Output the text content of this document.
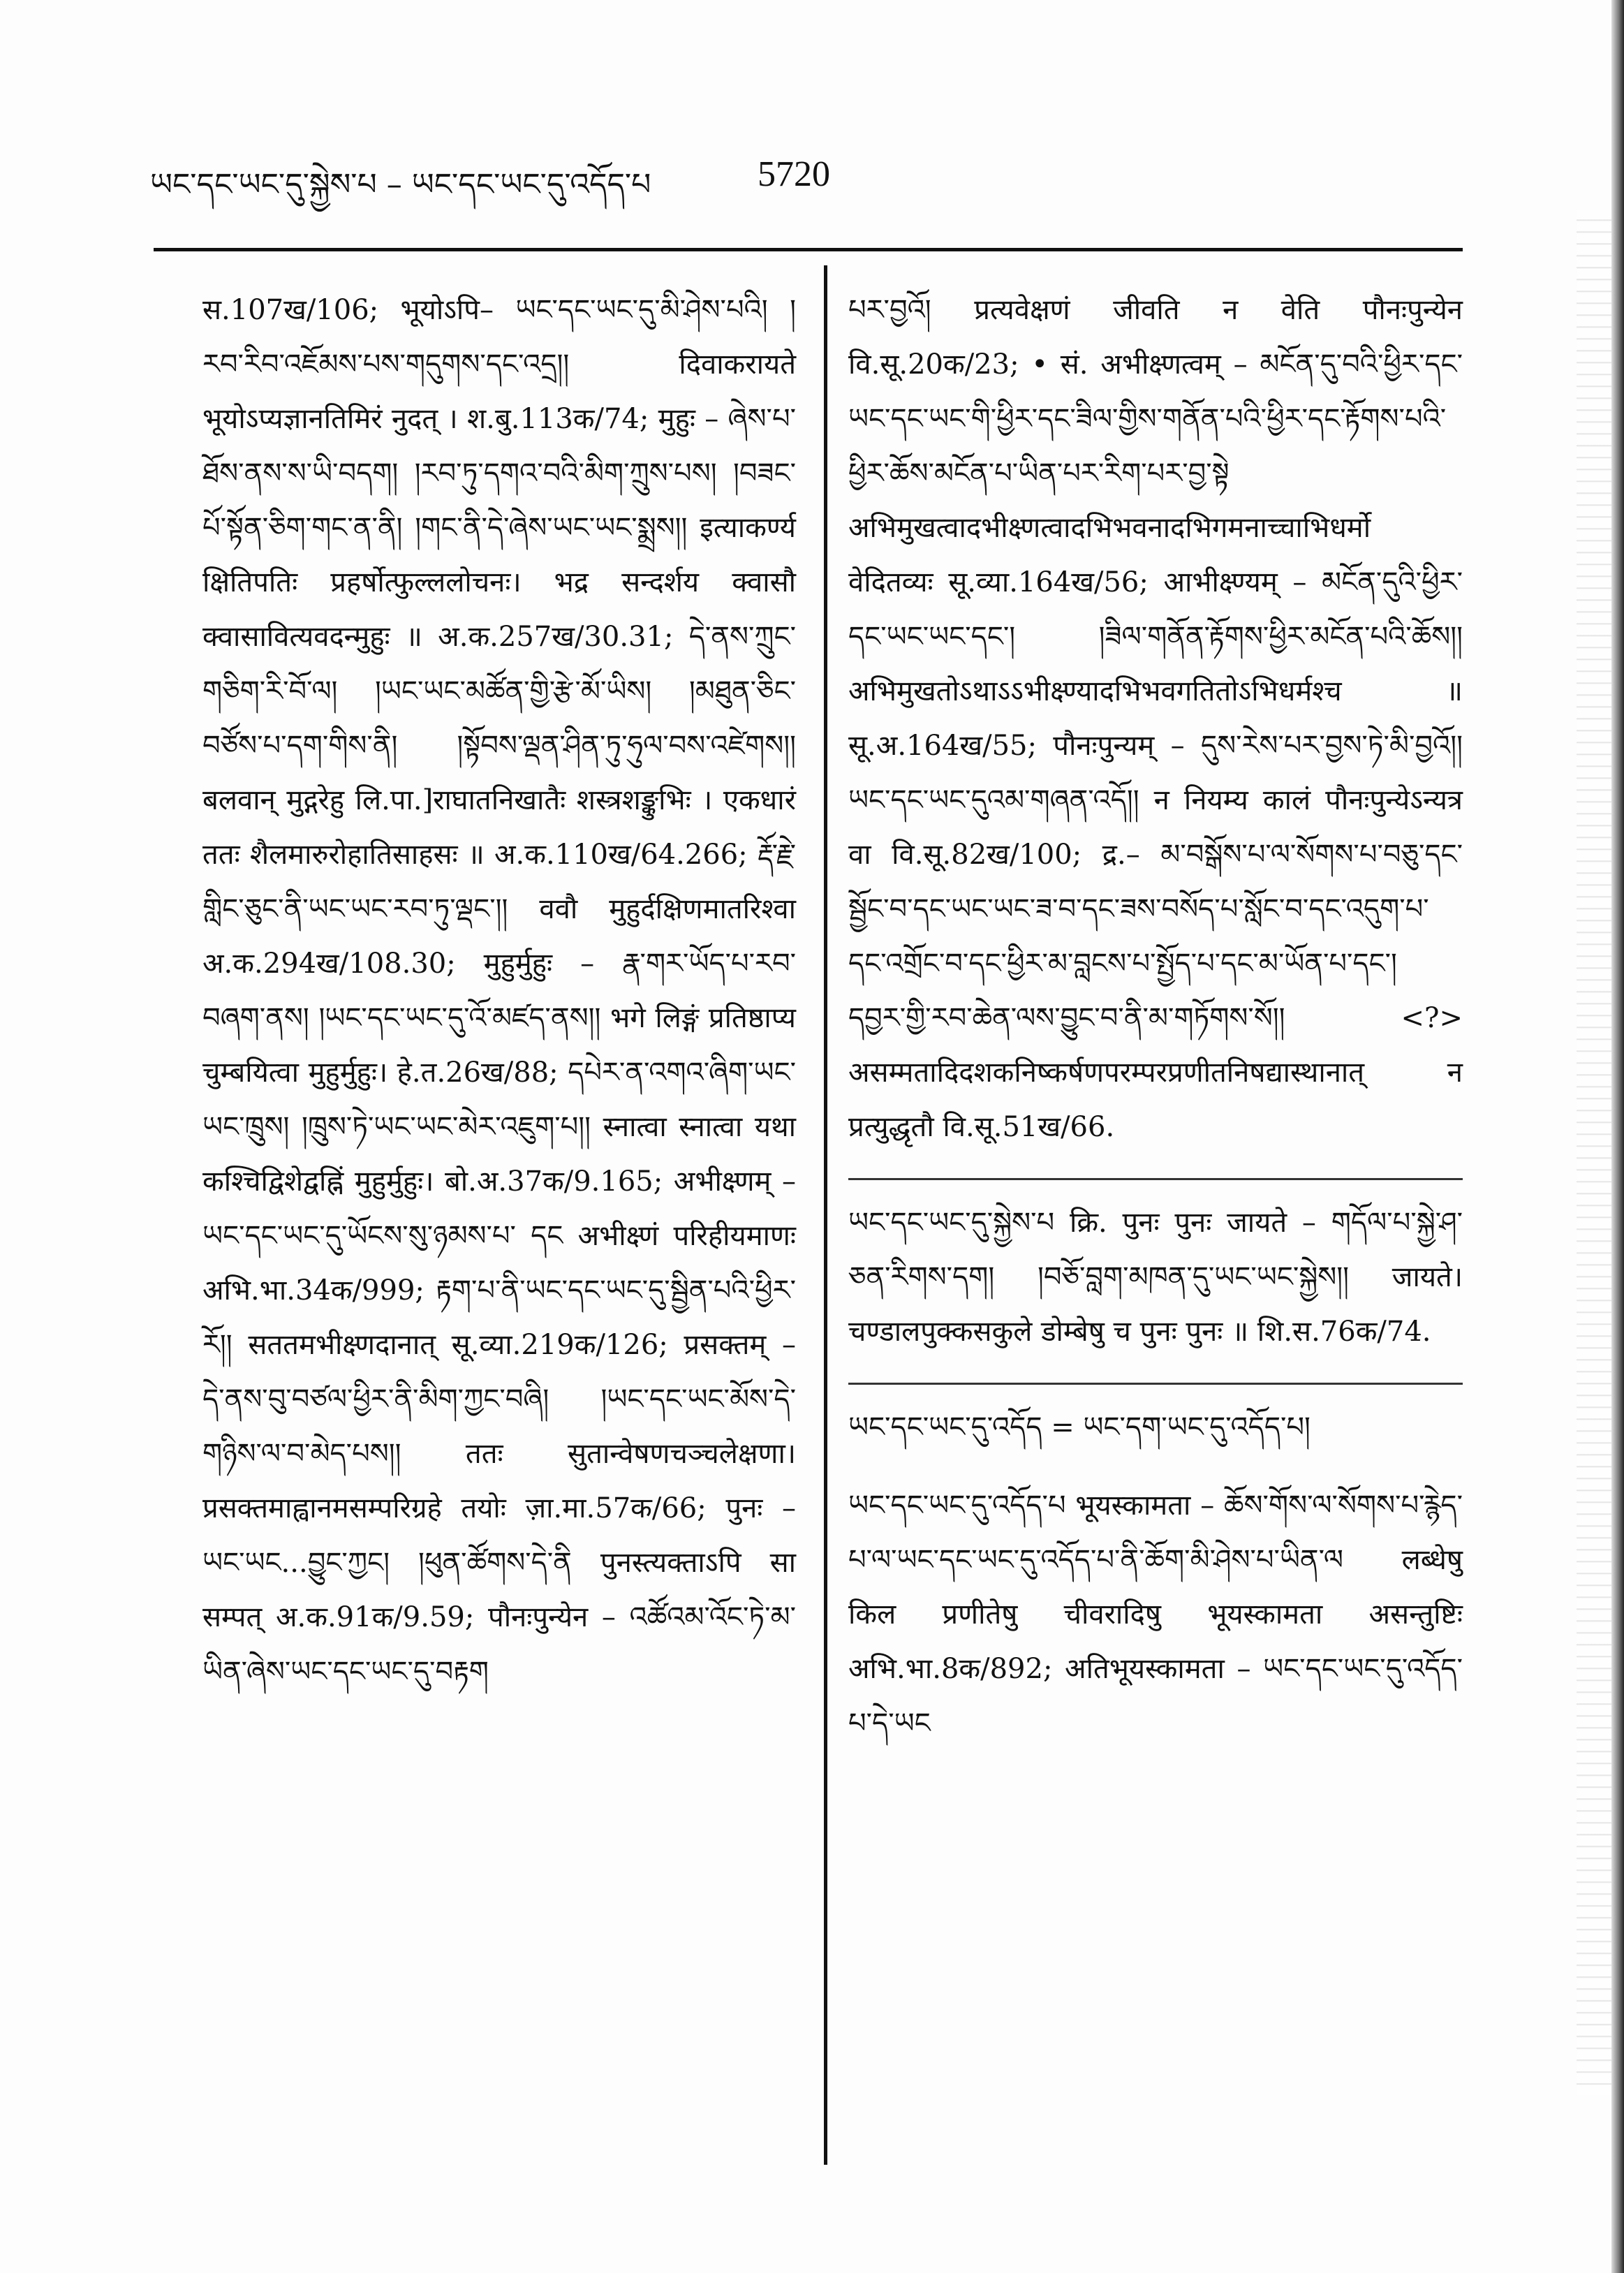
ཡང་དང་ཡང་དུ་སྐྱེས་པ – ཡང་དང་ཡང་དུ་འདོད་པ	5720

स.107ख/106; भूयोऽपि– ཡང་དང་ཡང་དུ་མི་ཤེས་པའི། །རབ་རིབ་འཇོམས་པས་གདུགས་དང་འདྲ།། दिवाकरायते भूयोऽप्यज्ञानतिमिरं नुदत् । श.बु.113क/74; मुहुः – ཞེས་པ་ཐོས་ནས་ས་ཡི་བདག། །རབ་ཏུ་དགའ་བའི་མིག་ཀྲུས་པས། །བཟང་པོ་སྟོན་ཅིག་གང་ན་ནི། །གང་ནི་དེ་ཞེས་ཡང་ཡང་སྨྲས།། इत्याकर्ण्य क्षितिपतिः प्रहर्षोत्फुल्ललोचनः। भद्र सन्दर्शय क्वासौ क्वासावित्यवदन्मुहुः ॥ अ.क.257ख/30.31; དེ་ནས་ཀྲུང་གཅིག་རི་བོ་ལ། །ཡང་ཡང་མཚོན་གྱི་རྩེ་མོ་ཡིས། །མཐུན་ཅིང་བཙོས་པ་དག་གིས་ནི། །སྟོབས་ལྡན་ཤིན་ཏུ་ཧུལ་བས་འཛེགས།། बलवान् मुद्गरेहु लि.पा.]राघातनिखातैः शस्त्रशङ्कुभिः । एकधारं ततः शैलमारुरोहातिसाहसः ॥ अ.क.110ख/64.266; རྡོ་རྗེ་གླིང་ཅུང་ནི་ཡང་ཡང་རབ་ཏུ་ལྡང་།། ववौ मुहुर्दक्षिणमातरिश्वा अ.क.294ख/108.30; मुहुर्मुहुः – རྣ་གར་ཡོད་པ་རབ་བཞག་ནས། །ཡང་དང་ཡང་དུ་འོ་མཛད་ནས།། भगे लिङ्गं प्रतिष्ठाप्य चुम्बयित्वा मुहुर्मुहुः। हे.त.26ख/88; དཔེར་ན་འགའ་ཞིག་ཡང་ཡང་ཁྲུས། །ཁྲུས་ཏེ་ཡང་ཡང་མེར་འཇུག་པ།། स्नात्वा स्नात्वा यथा कश्चिद्विशेद्वह्निं मुहुर्मुहुः। बो.अ.37क/9.165; अभीक्ष्णम् – ཡང་དང་ཡང་དུ་ཡོངས་སུ་ཉམས་པ་ དང अभीक्ष्णं परिहीयमाणः अभि.भा.34क/999; རྟག་པ་ནི་ཡང་དང་ཡང་དུ་སྦྱིན་པའི་ཕྱིར་རོ།། सततमभीक्ष्णदानात् सू.व्या.219क/126; प्रसक्तम् – དེ་ནས་བུ་བཙལ་ཕྱིར་ནི་མིག་ཀྱང་བཞི། །ཡང་དང་ཡང་མོས་དེ་གཉིས་ལ་བ་མེད་པས།། ततः सुतान्वेषणचञ्चलेक्षणा। प्रसक्तमाह्वानमसम्परिग्रहे तयोः ज़ा.मा.57क/66; पुनः – ཡང་ཡང...བྱུང་ཀྱང། །ཕུན་ཚོགས་དེ་ནི पुनस्त्यक्ताऽपि सा सम्पत् अ.क.91क/9.59; पौनःपुन्येन – འཚོའམ་འོང་ཏེ་མ་ཡིན་ཞེས་ཡང་དང་ཡང་དུ་བརྟག

པར་བྱའོ། प्रत्यवेक्षणं जीवति न वेति पौनःपुन्येन वि.सू.20क/23; • सं. अभीक्ष्णत्वम् – མངོན་དུ་བའི་ཕྱིར་དང་ཡང་དང་ཡང་གི་ཕྱིར་དང་ཟིལ་གྱིས་གནོན་པའི་ཕྱིར་དང་རྟོགས་པའི་ཕྱིར་ཆོས་མངོན་པ་ཡིན་པར་རིག་པར་བྱ་སྟེ अभिमुखत्वादभीक्ष्णत्वादभिभवनादभिगमनाच्चाभिधर्मो वेदितव्यः सू.व्या.164ख/56; आभीक्ष्ण्यम् – མངོན་དུའི་ཕྱིར་དང་ཡང་ཡང་དང་། །ཟིལ་གནོན་རྟོགས་ཕྱིར་མངོན་པའི་ཆོས།། अभिमुखतोऽथाऽऽभीक्ष्ण्यादभिभवगतितोऽभिधर्मश्च ॥ सू.अ.164ख/55; पौनःपुन्यम् – དུས་རེས་པར་བྱས་ཏེ་མི་བྱའོ།། ཡང་དང་ཡང་དུའམ་གཞན་འདོ།། न नियम्य कालं पौनःपुन्येऽन्यत्र वा वि.सू.82ख/100; द्र.– མ་བསྒོས་པ་ལ་སོགས་པ་བཅུ་དང་སྦྱོང་བ་དང་ཡང་ཡང་ཟ་བ་དང་ཟས་བསོད་པ་སློང་བ་དང་འདུག་པ་དང་འགྲོང་བ་དང་ཕྱིར་མ་བླངས་པ་སྤྱོད་པ་དང་མ་ཡོན་པ་དང་། དབྱར་གྱི་རབ་ཆེན་ལས་བྱུང་བ་ནི་མ་གཏོགས་སོ།། <?> असम्मतादिदशकनिष्कर्षणपरम्परप्रणीतनिषद्यास्थानात् न प्रत्युद्धृतौ वि.सू.51ख/66.

ཡང་དང་ཡང་དུ་སྐྱེས་པ क्रि. पुनः पुनः जायते – གདོལ་པ་སྐྱེ་ཤ་ཅན་རིགས་དག། །བཅོ་བླག་མཁན་དུ་ཡང་ཡང་སྐྱེས།། जायते। चण्डालपुक्कसकुले डोम्बेषु च पुनः पुनः ॥ शि.स.76क/74.

ཡང་དང་ཡང་དུ་འདོད = ཡང་དག་ཡང་དུ་འདོད་པ།

ཡང་དང་ཡང་དུ་འདོད་པ भूयस्कामता – ཆོས་གོས་ལ་སོགས་པ་རྙེད་པ་ལ་ཡང་དང་ཡང་དུ་འདོད་པ་ནི་ཆོག་མི་ཤེས་པ་ཡིན་ལ लब्धेषु किल प्रणीतेषु चीवरादिषु भूयस्कामता असन्तुष्टिः अभि.भा.8क/892; अतिभूयस्कामता – ཡང་དང་ཡང་དུ་འདོད་པ་དེ་ཡང
